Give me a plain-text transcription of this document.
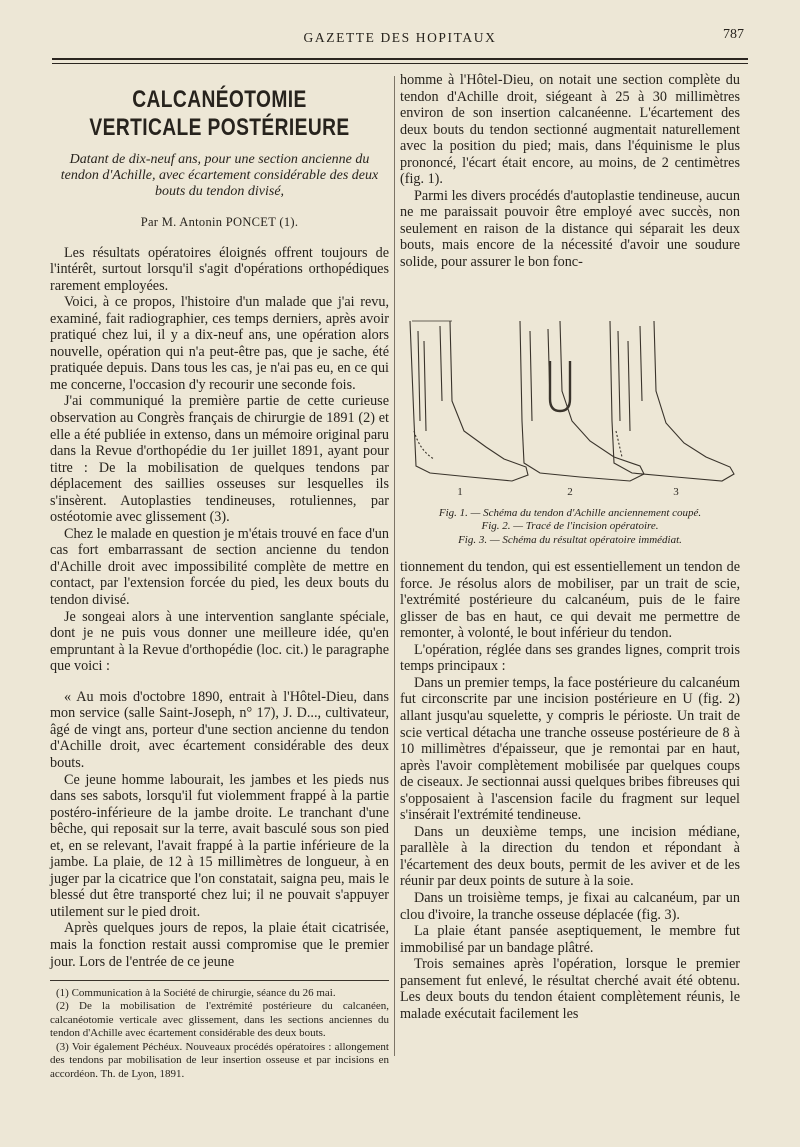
GAZETTE DES HOPITAUX	787
CALCANÉOTOMIE VERTICALE POSTÉRIEURE
Datant de dix-neuf ans, pour une section ancienne du tendon d'Achille, avec écartement considérable des deux bouts du tendon divisé,
Par M. Antonin PONCET (1).

Les résultats opératoires éloignés offrent toujours de l'intérêt, surtout lorsqu'il s'agit d'opérations orthopédiques rarement employées.

Voici, à ce propos, l'histoire d'un malade que j'ai revu, examiné, fait radiographier, ces temps derniers, après avoir pratiqué chez lui, il y a dix-neuf ans, une opération alors nouvelle, opération qui n'a peut-être pas, que je sache, été pratiquée depuis. Dans tous les cas, je n'ai pas eu, en ce qui me concerne, l'occasion d'y recourir une seconde fois.

J'ai communiqué la première partie de cette curieuse observation au Congrès français de chirurgie de 1891 (2) et elle a été publiée in extenso, dans un mémoire original paru dans la Revue d'orthopédie du 1er juillet 1891, ayant pour titre : De la mobilisation de quelques tendons par déplacement des saillies osseuses sur lesquelles ils s'insèrent. Autoplasties tendineuses, rotuliennes, par ostéotomie avec glissement (3).

Chez le malade en question je m'étais trouvé en face d'un cas fort embarrassant de section ancienne du tendon d'Achille droit avec impossibilité complète de mettre en contact, par l'extension forcée du pied, les deux bouts du tendon divisé.

Je songeai alors à une intervention sanglante spéciale, dont je ne puis vous donner une meilleure idée, qu'en empruntant à la Revue d'orthopédie (loc. cit.) le paragraphe que voici :

« Au mois d'octobre 1890, entrait à l'Hôtel-Dieu, dans mon service (salle Saint-Joseph, n° 17), J. D..., cultivateur, âgé de vingt ans, porteur d'une section ancienne du tendon d'Achille droit, avec écartement considérable des deux bouts.

Ce jeune homme labourait, les jambes et les pieds nus dans ses sabots, lorsqu'il fut violemment frappé à la partie postéro-inférieure de la jambe droite. Le tranchant d'une bêche, qui reposait sur la terre, avait basculé sous son pied et, en se relevant, l'avait frappé à la partie inférieure de la jambe. La plaie, de 12 à 15 millimètres de longueur, à en juger par la cicatrice que l'on constatait, saigna peu, mais le blessé dut être transporté chez lui; il ne pouvait s'appuyer utilement sur le pied droit.

Après quelques jours de repos, la plaie était cicatrisée, mais la fonction restait aussi compromise que le premier jour. Lors de l'entrée de ce jeune

(1) Communication à la Société de chirurgie, séance du 26 mai.

(2) De la mobilisation de l'extrémité postérieure du calcanéen, calcanéotomie verticale avec glissement, dans les sections anciennes du tendon d'Achille avec écartement considérable des deux bouts.

(3) Voir également Péchéux. Nouveaux procédés opératoires : allongement des tendons par mobilisation de leur insertion osseuse et par incisions en accordéon. Th. de Lyon, 1891.

homme à l'Hôtel-Dieu, on notait une section complète du tendon d'Achille droit, siégeant à 25 à 30 millimètres environ de son insertion calcanéenne. L'écartement des deux bouts du tendon sectionné augmentait naturellement avec la position du pied; mais, dans l'équinisme le plus prononcé, l'écart était encore, au moins, de 2 centimètres (fig. 1).

Parmi les divers procédés d'autoplastie tendineuse, aucun ne me paraissait pouvoir être employé avec succès, non seulement en raison de la distance qui séparait les deux bouts, mais encore de la nécessité d'avoir une soudure solide, pour assurer le bon fonc-

1	2	3
Fig. 1. — Schéma du tendon d'Achille anciennement coupé.
Fig. 2. — Tracé de l'incision opératoire.
Fig. 3. — Schéma du résultat opératoire immédiat.

tionnement du tendon, qui est essentiellement un tendon de force. Je résolus alors de mobiliser, par un trait de scie, l'extrémité postérieure du calcanéum, puis de le faire glisser de bas en haut, ce qui devait me permettre de remonter, à volonté, le bout inférieur du tendon.

L'opération, réglée dans ses grandes lignes, comprit trois temps principaux :

Dans un premier temps, la face postérieure du calcanéum fut circonscrite par une incision postérieure en U (fig. 2) allant jusqu'au squelette, y compris le périoste. Un trait de scie vertical détacha une tranche osseuse postérieure de 8 à 10 millimètres d'épaisseur, que je remontai par en haut, après l'avoir complètement mobilisée par quelques coups de ciseaux. Je sectionnai aussi quelques bribes fibreuses qui s'opposaient à l'ascension facile du fragment sur lequel s'insérait l'extrémité tendineuse.

Dans un deuxième temps, une incision médiane, parallèle à la direction du tendon et répondant à l'écartement des deux bouts, permit de les aviver et de les réunir par deux points de suture à la soie.

Dans un troisième temps, je fixai au calcanéum, par un clou d'ivoire, la tranche osseuse déplacée (fig. 3).

La plaie étant pansée aseptiquement, le membre fut immobilisé par un bandage plâtré.

Trois semaines après l'opération, lorsque le premier pansement fut enlevé, le résultat cherché avait été obtenu. Les deux bouts du tendon étaient complètement réunis, le malade exécutait facilement les
